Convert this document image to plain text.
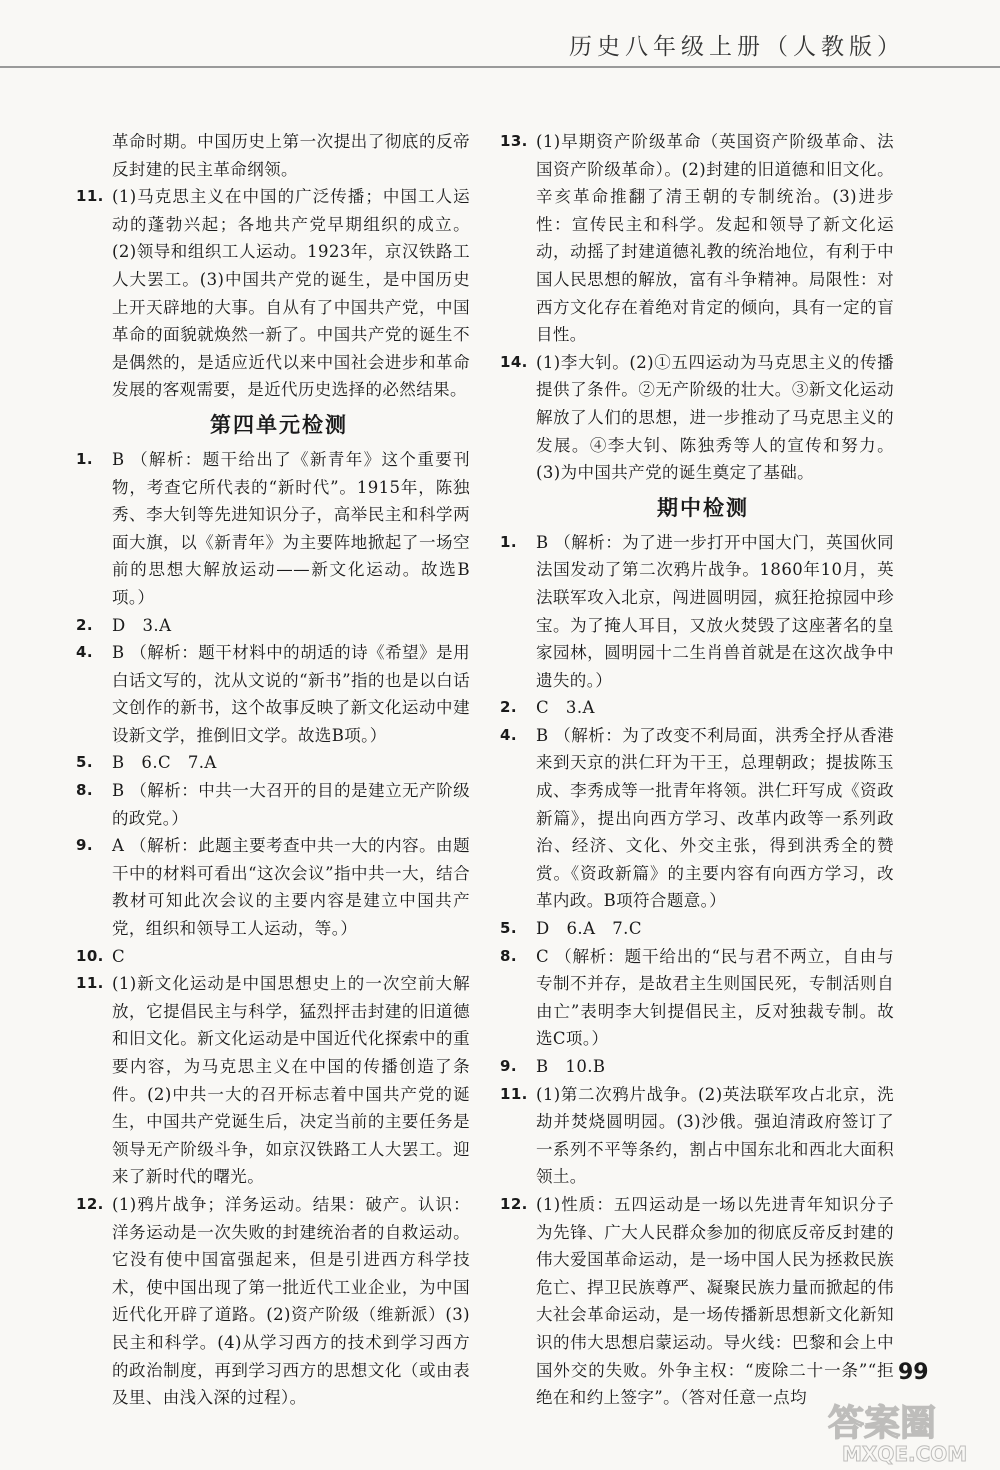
历史八年级上册（人教版）

革命时期。中国历史上第一次提出了彻底的反帝反封建的民主革命纲领。

11. (1)马克思主义在中国的广泛传播；中国工人运动的蓬勃兴起；各地共产党早期组织的成立。(2)领导和组织工人运动。1923年，京汉铁路工人大罢工。(3)中国共产党的诞生，是中国历史上开天辟地的大事。自从有了中国共产党，中国革命的面貌就焕然一新了。中国共产党的诞生不是偶然的，是适应近代以来中国社会进步和革命发展的客观需要，是近代历史选择的必然结果。

第四单元检测

1. B （解析：题干给出了《新青年》这个重要刊物，考查它所代表的“新时代”。1915年，陈独秀、李大钊等先进知识分子，高举民主和科学两面大旗，以《新青年》为主要阵地掀起了一场空前的思想大解放运动——新文化运动。故选B项。）

2. D　3.A

4. B （解析：题干材料中的胡适的诗《希望》是用白话文写的，沈从文说的“新书”指的也是以白话文创作的新书，这个故事反映了新文化运动中建设新文学，推倒旧文学。故选B项。）

5. B　6.C　7.A

8. B （解析：中共一大召开的目的是建立无产阶级的政党。）

9. A （解析：此题主要考查中共一大的内容。由题干中的材料可看出“这次会议”指中共一大，结合教材可知此次会议的主要内容是建立中国共产党，组织和领导工人运动，等。）

10. C

11. (1)新文化运动是中国思想史上的一次空前大解放，它提倡民主与科学，猛烈抨击封建的旧道德和旧文化。新文化运动是中国近代化探索中的重要内容，为马克思主义在中国的传播创造了条件。(2)中共一大的召开标志着中国共产党的诞生，中国共产党诞生后，决定当前的主要任务是领导无产阶级斗争，如京汉铁路工人大罢工。迎来了新时代的曙光。

12. (1)鸦片战争；洋务运动。结果：破产。认识：洋务运动是一次失败的封建统治者的自救运动。它没有使中国富强起来，但是引进西方科学技术，使中国出现了第一批近代工业企业，为中国近代化开辟了道路。(2)资产阶级（维新派）(3)民主和科学。(4)从学习西方的技术到学习西方的政治制度，再到学习西方的思想文化（或由表及里、由浅入深的过程）。

13. (1)早期资产阶级革命（英国资产阶级革命、法国资产阶级革命）。(2)封建的旧道德和旧文化。辛亥革命推翻了清王朝的专制统治。(3)进步性：宣传民主和科学。发起和领导了新文化运动，动摇了封建道德礼教的统治地位，有利于中国人民思想的解放，富有斗争精神。局限性：对西方文化存在着绝对肯定的倾向，具有一定的盲目性。

14. (1)李大钊。(2)①五四运动为马克思主义的传播提供了条件。②无产阶级的壮大。③新文化运动解放了人们的思想，进一步推动了马克思主义的发展。④李大钊、陈独秀等人的宣传和努力。(3)为中国共产党的诞生奠定了基础。

期中检测

1. B （解析：为了进一步打开中国大门，英国伙同法国发动了第二次鸦片战争。1860年10月，英法联军攻入北京，闯进圆明园，疯狂抢掠园中珍宝。为了掩人耳目，又放火焚毁了这座著名的皇家园林，圆明园十二生肖兽首就是在这次战争中遗失的。）

2. C　3.A

4. B （解析：为了改变不利局面，洪秀全抒从香港来到天京的洪仁玕为干王，总理朝政；提拔陈玉成、李秀成等一批青年将领。洪仁玕写成《资政新篇》，提出向西方学习、改革内政等一系列政治、经济、文化、外交主张，得到洪秀全的赞赏。《资政新篇》的主要内容有向西方学习，改革内政。B项符合题意。）

5. D　6.A　7.C

8. C （解析：题干给出的“民与君不两立，自由与专制不并存，是故君主生则国民死，专制活则自由亡”表明李大钊提倡民主，反对独裁专制。故选C项。）

9. B　10.B

11. (1)第二次鸦片战争。(2)英法联军攻占北京，洗劫并焚烧圆明园。(3)沙俄。强迫清政府签订了一系列不平等条约，割占中国东北和西北大面积领土。

12. (1)性质：五四运动是一场以先进青年知识分子为先锋、广大人民群众参加的彻底反帝反封建的伟大爱国革命运动，是一场中国人民为拯救民族危亡、捍卫民族尊严、凝聚民族力量而掀起的伟大社会革命运动，是一场传播新思想新文化新知识的伟大思想启蒙运动。导火线：巴黎和会上中国外交的失败。外争主权：“废除二十一条”“拒绝在和约上签字”。（答对任意一点均

99
答案圈
MXQE.COM
